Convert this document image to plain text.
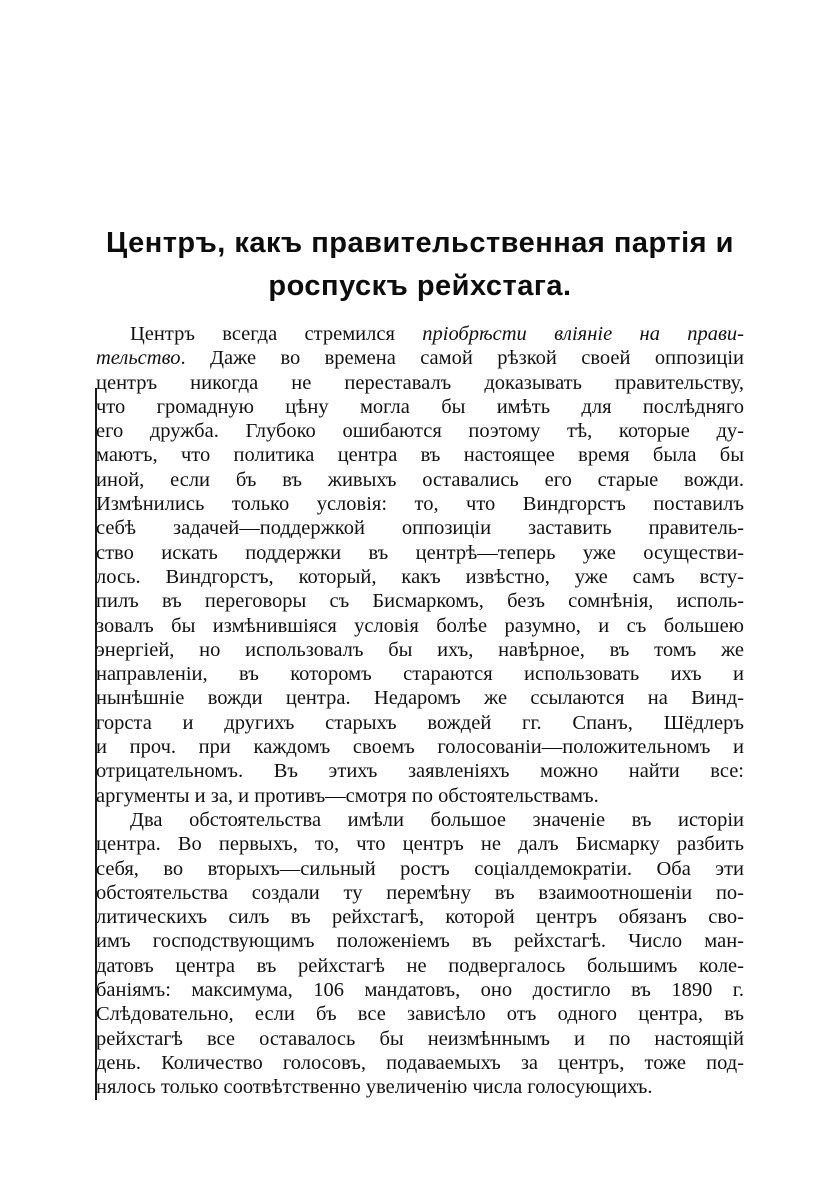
Центръ, какъ правительственная партія и
роспускъ рейхстага.
Центръ всегда стремился пріобрѣсти вліяніе на прави-
тельство. Даже во времена самой рѣзкой своей оппозиціи
центръ никогда не переставалъ доказывать правительству,
что громадную цѣну могла бы имѣть для послѣдняго
его дружба. Глубоко ошибаются поэтому тѣ, которые ду-
маютъ, что политика центра въ настоящее время была бы
иной, если бъ въ живыхъ оставались его старые вожди.
Измѣнились только условія: то, что Виндгорстъ поставилъ
себѣ задачей—поддержкой оппозиціи заставить правитель-
ство искать поддержки въ центрѣ—теперь уже осуществи-
лось. Виндгорстъ, который, какъ извѣстно, уже самъ всту-
пилъ въ переговоры съ Бисмаркомъ, безъ сомнѣнія, исполь-
зовалъ бы измѣнившіяся условія болѣе разумно, и съ большею
энергіей, но использовалъ бы ихъ, навѣрное, въ томъ же
направленіи, въ которомъ стараются использовать ихъ и
нынѣшніе вожди центра. Недаромъ же ссылаются на Винд-
горста и другихъ старыхъ вождей гг. Спанъ, Шёдлеръ
и проч. при каждомъ своемъ голосованіи—положительномъ и
отрицательномъ. Въ этихъ заявленіяхъ можно найти все:
аргументы и за, и противъ—смотря по обстоятельствамъ.
Два обстоятельства имѣли большое значеніе въ исторіи
центра. Во первыхъ, то, что центръ не далъ Бисмарку разбить
себя, во вторыхъ—сильный ростъ соціалдемократіи. Оба эти
обстоятельства создали ту перемѣну въ взаимоотношеніи по-
литическихъ силъ въ рейхстагѣ, которой центръ обязанъ сво-
имъ господствующимъ положеніемъ въ рейхстагѣ. Число ман-
датовъ центра въ рейхстагѣ не подвергалось большимъ коле-
баніямъ: максимума, 106 мандатовъ, оно достигло въ 1890 г.
Слѣдовательно, если бъ все зависѣло отъ одного центра, въ
рейхстагѣ все оставалось бы неизмѣннымъ и по настоящій
день. Количество голосовъ, подаваемыхъ за центръ, тоже под-
нялось только соотвѣтственно увеличенію числа голосующихъ.
